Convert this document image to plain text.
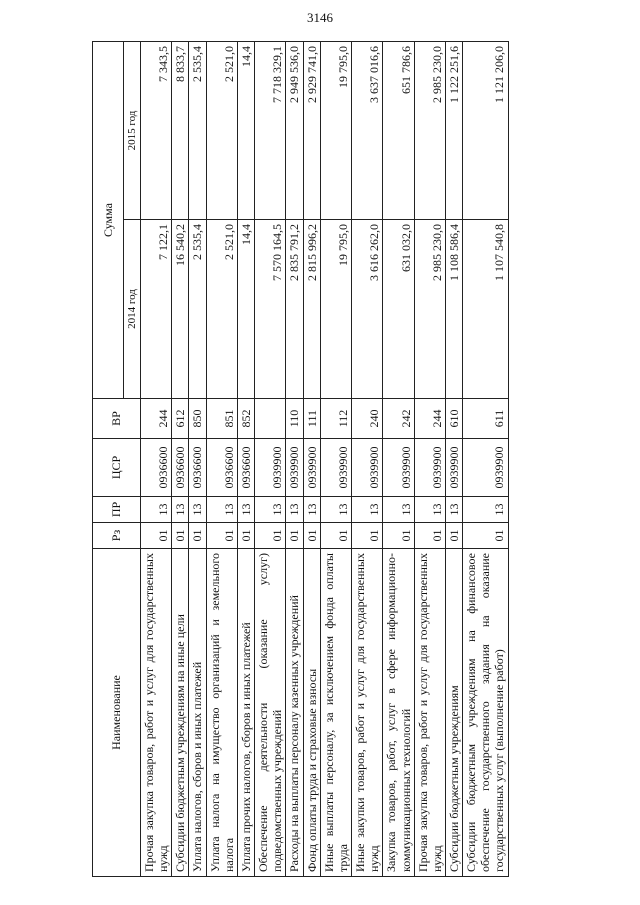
3146
Наименование	Рз	ПР	ЦСР	ВР	Сумма	
					2014 год	2015 год
Прочая закупка товаров, работ и услуг для государственных нужд	01	13	0936600	244	7 122,1	7 343,5
Субсидии бюджетным учреждениям на иные цели	01	13	0936600	612	16 540,2	8 833,7
Уплата налогов, сборов и иных платежей	01	13	0936600	850	2 535,4	2 535,4
Уплата налога на имущество организаций и земельного налога	01	13	0936600	851	2 521,0	2 521,0
Уплата прочих налогов, сборов и иных платежей	01	13	0936600	852	14,4	14,4
Обеспечение деятельности (оказание услуг) подведомственных учреждений	01	13	0939900		7 570 164,5	7 718 329,1
Расходы на выплаты персоналу казенных учреждений	01	13	0939900	110	2 835 791,2	2 949 536,0
Фонд оплаты труда и страховые взносы	01	13	0939900	111	2 815 996,2	2 929 741,0
Иные выплаты персоналу, за исключением фонда оплаты труда	01	13	0939900	112	19 795,0	19 795,0
Иные закупки товаров, работ и услуг для государственных нужд	01	13	0939900	240	3 616 262,0	3 637 016,6
Закупка товаров, работ, услуг в сфере информационно-коммуникационных технологий	01	13	0939900	242	631 032,0	651 786,6
Прочая закупка товаров, работ и услуг для государственных нужд	01	13	0939900	244	2 985 230,0	2 985 230,0
Субсидии бюджетным учреждениям	01	13	0939900	610	1 108 586,4	1 122 251,6
Субсидии бюджетным учреждениям на финансовое обеспечение государственного задания на оказание государственных услуг (выполнение работ)	01	13	0939900	611	1 107 540,8	1 121 206,0
